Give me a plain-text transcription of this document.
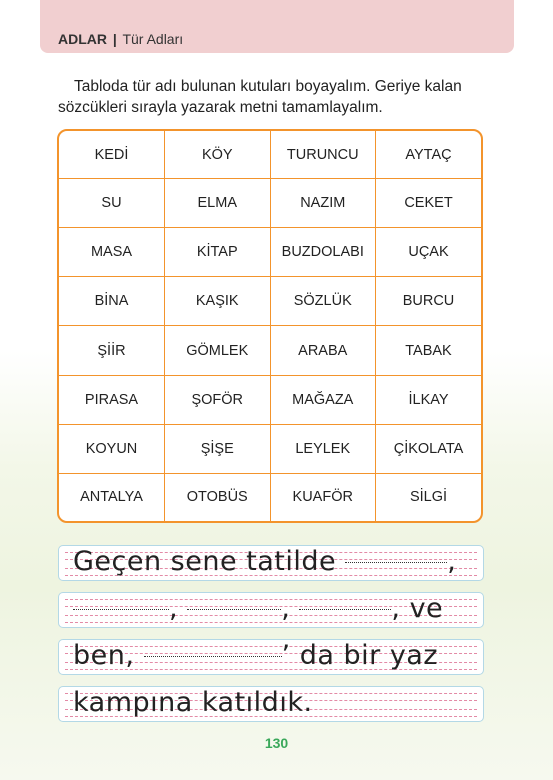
ADLAR | Tür Adları
Tabloda tür adı bulunan kutuları boyayalım. Geriye kalan sözcükleri sırayla yazarak metni tamamlayalım.
KEDİ	KÖY	TURUNCU	AYTAÇ
SU	ELMA	NAZIM	CEKET
MASA	KİTAP	BUZDOLABI	UÇAK
BİNA	KAŞIK	SÖZLÜK	BURCU
ŞİİR	GÖMLEK	ARABA	TABAK
PIRASA	ŞOFÖR	MAĞAZA	İLKAY
KOYUN	ŞİŞE	LEYLEK	ÇİKOLATA
ANTALYA	OTOBÜS	KUAFÖR	SİLGİ
Geçen sene tatilde	,
,	,	, ve
ben,	’ da bir yaz
kampına katıldık.
130
